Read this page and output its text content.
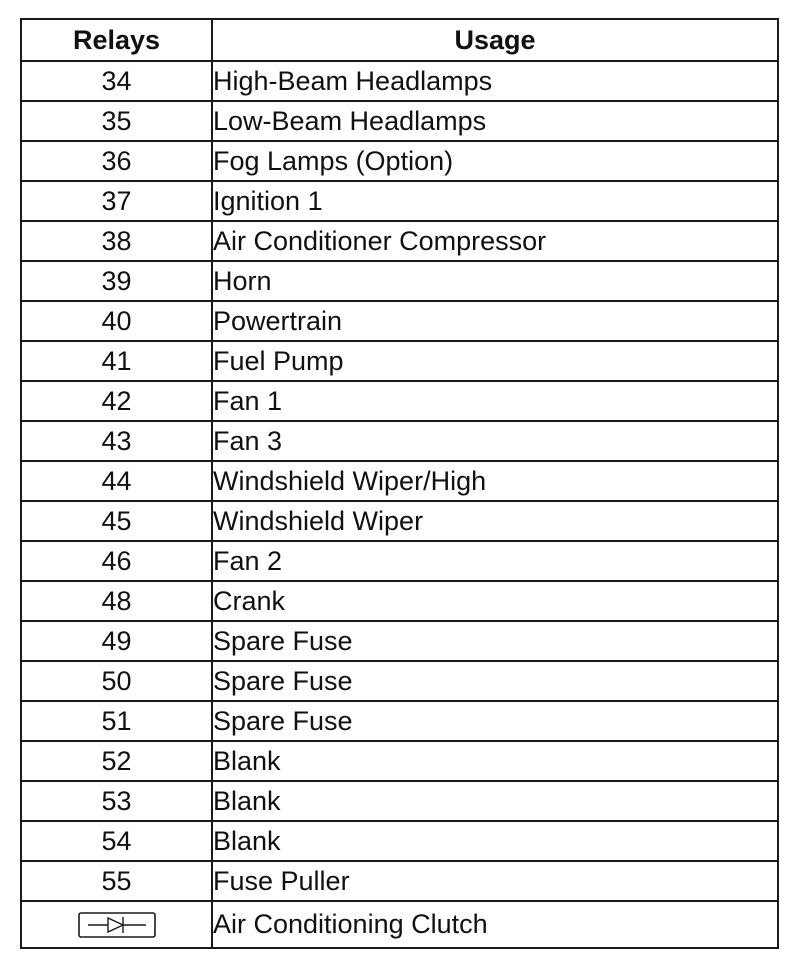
Relays	Usage
34	High-Beam Headlamps
35	Low-Beam Headlamps
36	Fog Lamps (Option)
37	Ignition 1
38	Air Conditioner Compressor
39	Horn
40	Powertrain
41	Fuel Pump
42	Fan 1
43	Fan 3
44	Windshield Wiper/High
45	Windshield Wiper
46	Fan 2
48	Crank
49	Spare Fuse
50	Spare Fuse
51	Spare Fuse
52	Blank
53	Blank
54	Blank
55	Fuse Puller
	Air Conditioning Clutch
